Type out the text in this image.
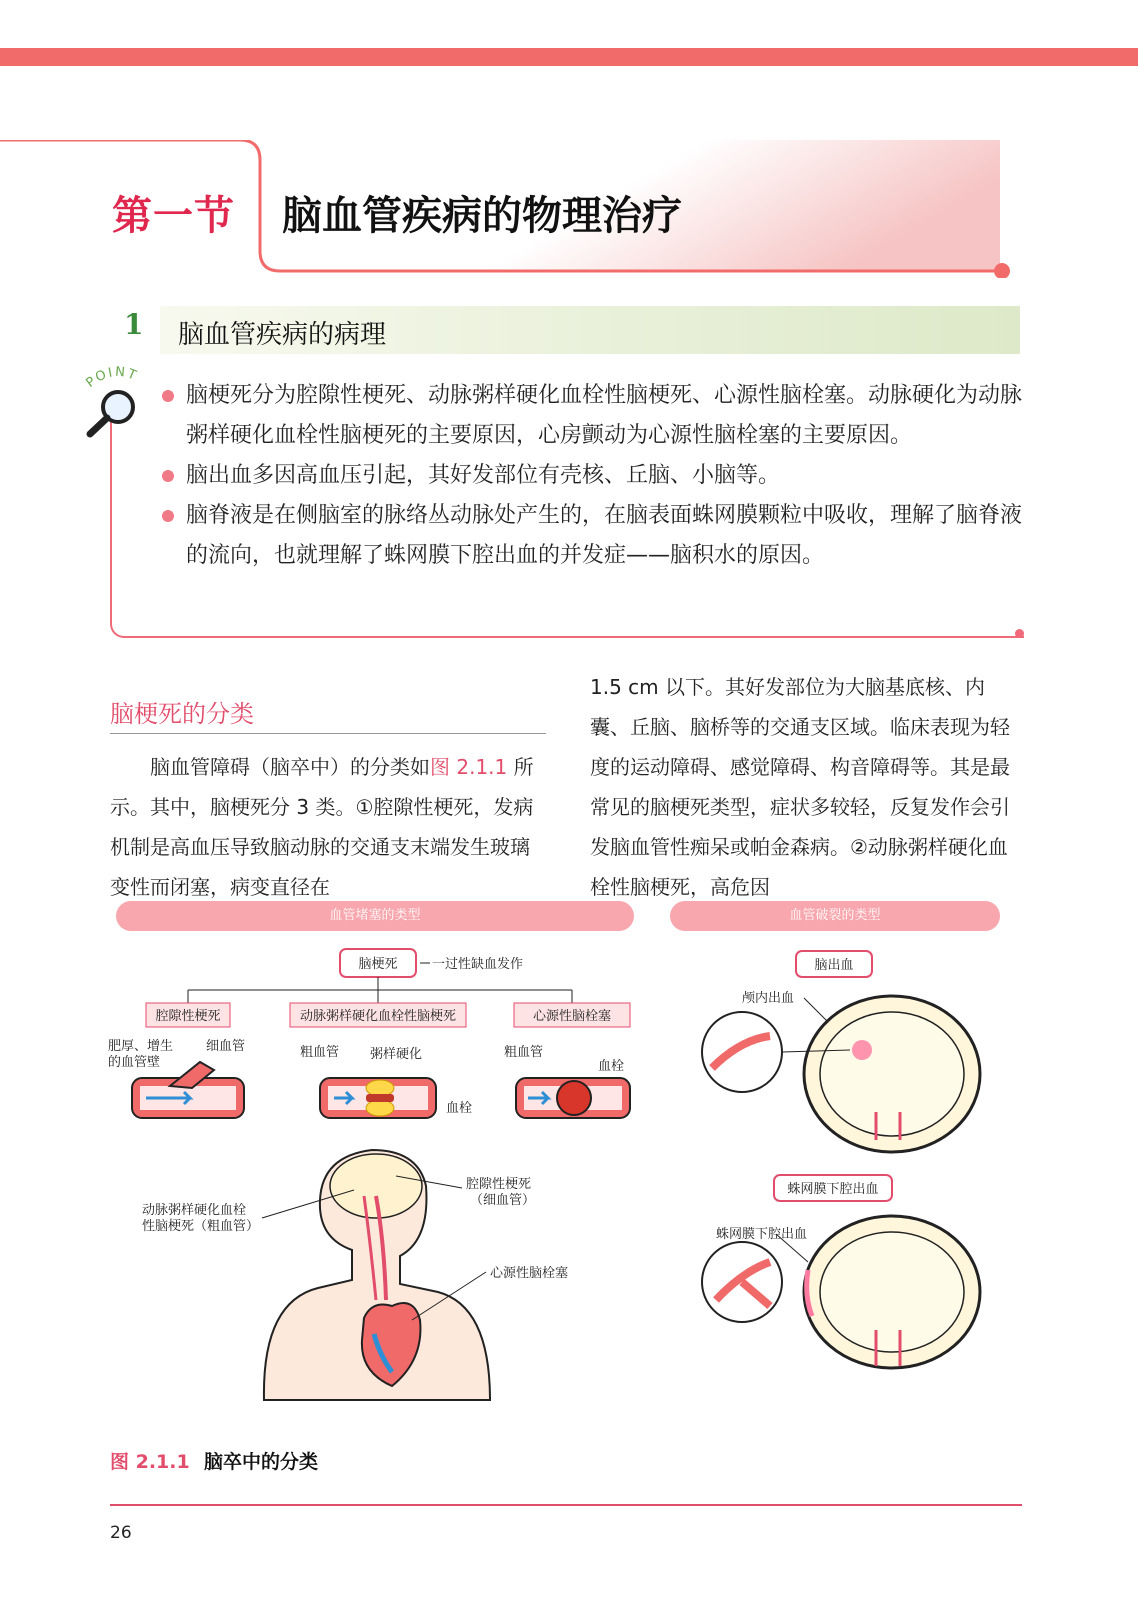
第一节 脑血管疾病的物理治疗
1 脑血管疾病的病理
POINT
脑梗死分为腔隙性梗死、动脉粥样硬化血栓性脑梗死、心源性脑栓塞。动脉硬化为动脉粥样硬化血栓性脑梗死的主要原因，心房颤动为心源性脑栓塞的主要原因。
脑出血多因高血压引起，其好发部位有壳核、丘脑、小脑等。
脑脊液是在侧脑室的脉络丛动脉处产生的，在脑表面蛛网膜颗粒中吸收，理解了脑脊液的流向，也就理解了蛛网膜下腔出血的并发症——脑积水的原因。
脑梗死的分类
脑血管障碍（脑卒中）的分类如图 2.1.1 所示。其中，脑梗死分 3 类。①腔隙性梗死，发病机制是高血压导致脑动脉的交通支末端发生玻璃变性而闭塞，病变直径在
1.5 cm 以下。其好发部位为大脑基底核、内囊、丘脑、脑桥等的交通支区域。临床表现为轻度的运动障碍、感觉障碍、构音障碍等。其是最常见的脑梗死类型，症状多较轻，反复发作会引发脑血管性痴呆或帕金森病。②动脉粥样硬化血栓性脑梗死，高危因
血管堵塞的类型	血管破裂的类型
脑梗死	一过性缺血发作
腔隙性梗死	动脉粥样硬化血栓性脑梗死	心源性脑栓塞
肥厚、增生
的血管壁
细血管	粗血管 粥样硬化
血栓
粗血管
血栓
动脉粥样硬化血栓
性脑梗死（粗血管）
腔隙性梗死
（细血管）
心源性脑栓塞
脑出血
颅内出血
蛛网膜下腔出血
蛛网膜下腔出血
图 2.1.1 脑卒中的分类
26
